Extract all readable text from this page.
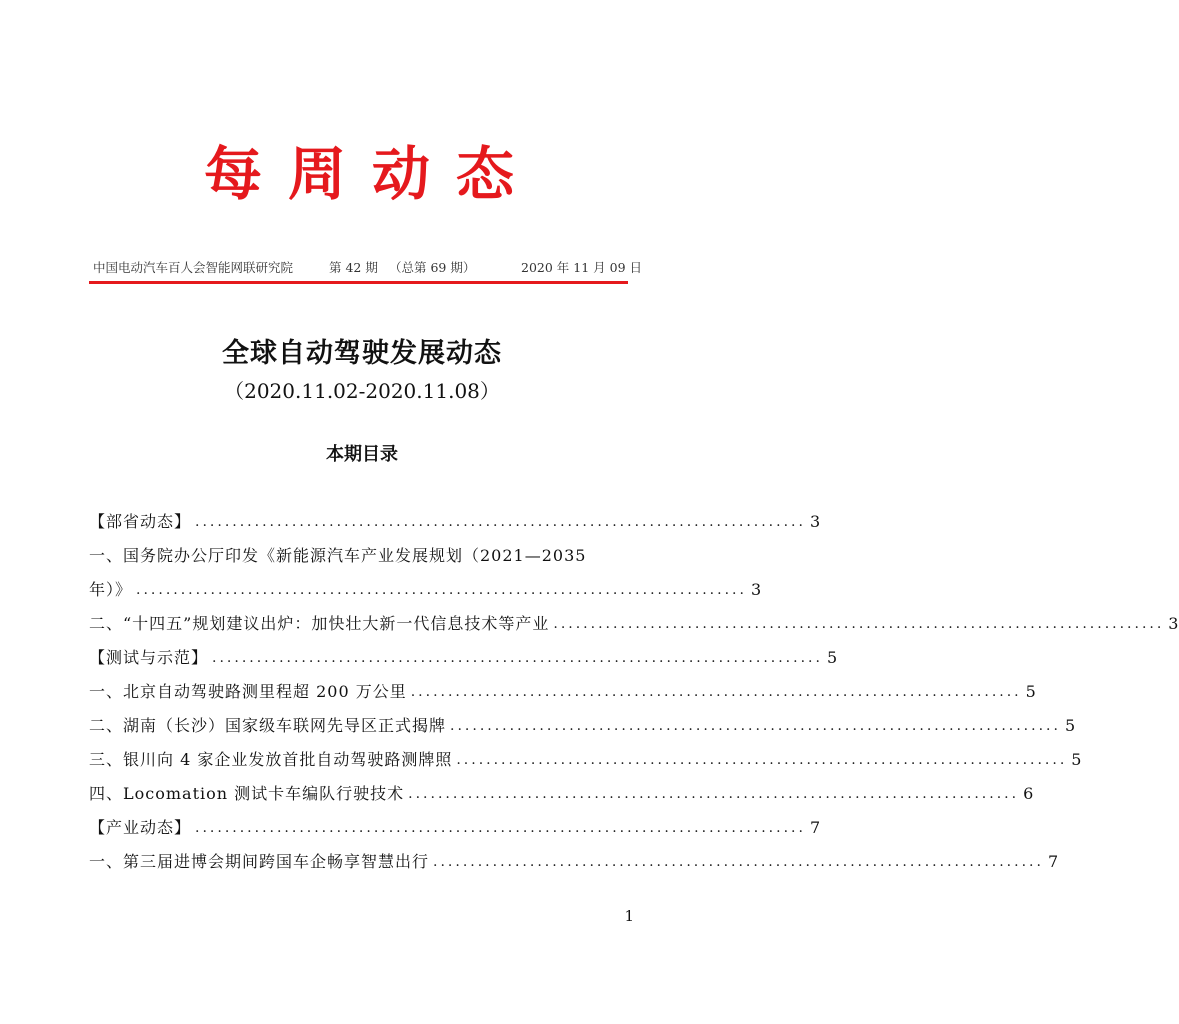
每周动态
中国电动汽车百人会智能网联研究院	第 42 期 （总第 69 期）	2020 年 11 月 09 日
全球自动驾驶发展动态
（2020.11.02-2020.11.08）
本期目录
【部省动态】 .................................................................................. 3
一、国务院办公厅印发《新能源汽车产业发展规划（2021—2035
年）》 .................................................................................. 3
二、“十四五”规划建议出炉：加快壮大新一代信息技术等产业 .................................................................................. 3
【测试与示范】 .................................................................................. 5
一、北京自动驾驶路测里程超 200 万公里 .................................................................................. 5
二、湖南（长沙）国家级车联网先导区正式揭牌 .................................................................................. 5
三、银川向 4 家企业发放首批自动驾驶路测牌照 .................................................................................. 5
四、Locomation 测试卡车编队行驶技术 .................................................................................. 6
【产业动态】 .................................................................................. 7
一、第三届进博会期间跨国车企畅享智慧出行 .................................................................................. 7
1
